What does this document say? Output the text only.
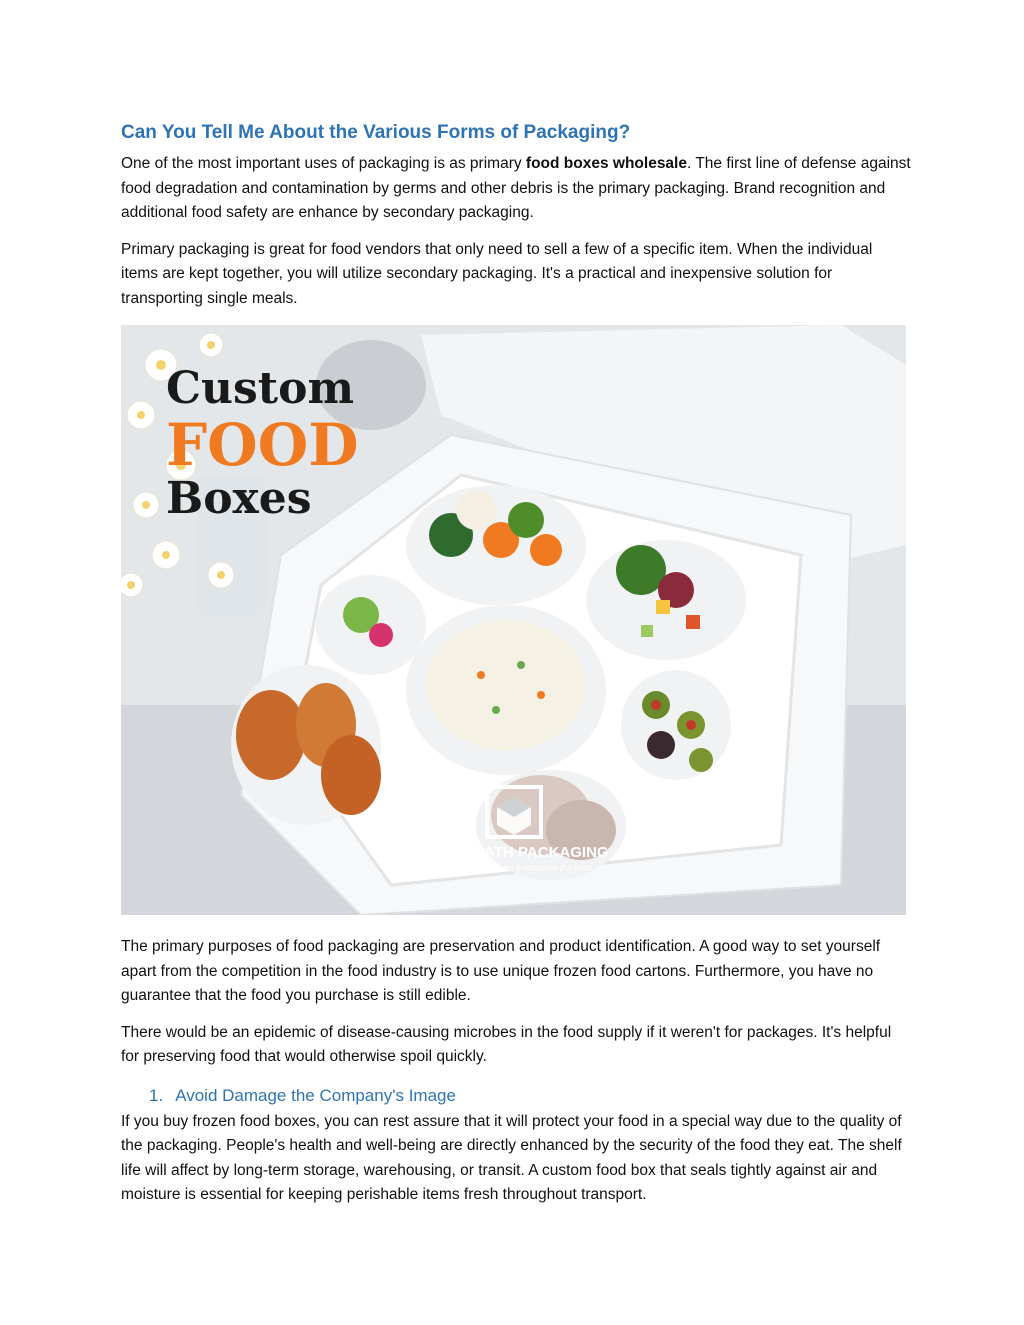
Can You Tell Me About the Various Forms of Packaging?

One of the most important uses of packaging is as primary food boxes wholesale. The first line of defense against food degradation and contamination by germs and other debris is the primary packaging. Brand recognition and additional food safety are enhance by secondary packaging.

Primary packaging is great for food vendors that only need to sell a few of a specific item. When the individual items are kept together, you will utilize secondary packaging. It's a practical and inexpensive solution for transporting single meals.

Custom
FOOD
Boxes
CLEAR PATH PACKAGING
We box the best so it unboxes the best

The primary purposes of food packaging are preservation and product identification. A good way to set yourself apart from the competition in the food industry is to use unique frozen food cartons. Furthermore, you have no guarantee that the food you purchase is still edible.

There would be an epidemic of disease-causing microbes in the food supply if it weren't for packages. It's helpful for preserving food that would otherwise spoil quickly.

1. Avoid Damage the Company's Image

If you buy frozen food boxes, you can rest assure that it will protect your food in a special way due to the quality of the packaging. People's health and well-being are directly enhanced by the security of the food they eat. The shelf life will affect by long-term storage, warehousing, or transit. A custom food box that seals tightly against air and moisture is essential for keeping perishable items fresh throughout transport.
